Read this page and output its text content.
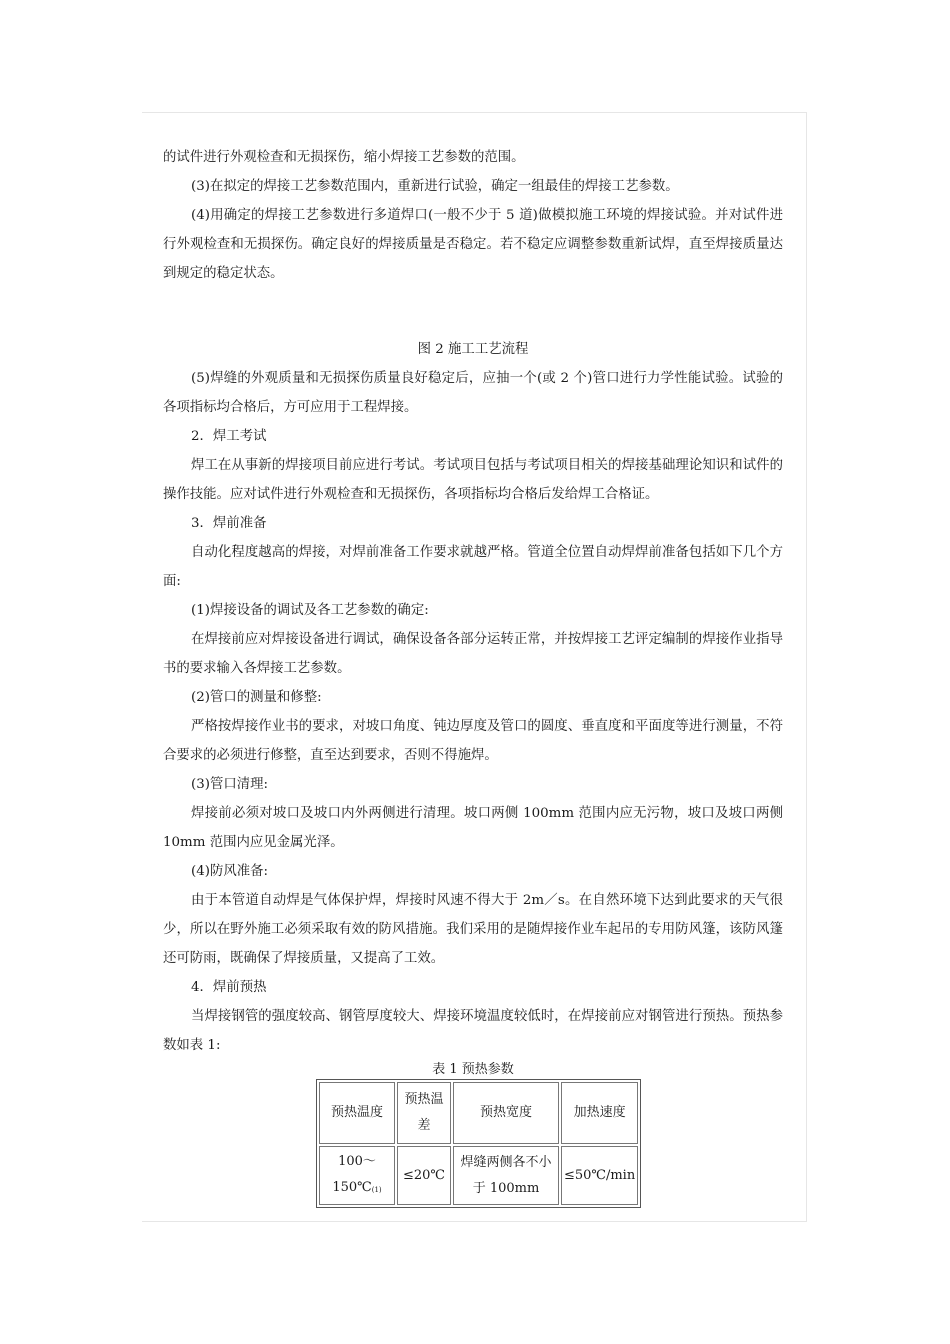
的试件进行外观检查和无损探伤，缩小焊接工艺参数的范围。

(3)在拟定的焊接工艺参数范围内，重新进行试验，确定一组最佳的焊接工艺参数。

(4)用确定的焊接工艺参数进行多道焊口(一般不少于 5 道)做模拟施工环境的焊接试验。并对试件进行外观检查和无损探伤。确定良好的焊接质量是否稳定。若不稳定应调整参数重新试焊，直至焊接质量达到规定的稳定状态。

图 2 施工工艺流程

(5)焊缝的外观质量和无损探伤质量良好稳定后，应抽一个(或 2 个)管口进行力学性能试验。试验的各项指标均合格后，方可应用于工程焊接。

2．焊工考试

焊工在从事新的焊接项目前应进行考试。考试项目包括与考试项目相关的焊接基础理论知识和试件的操作技能。应对试件进行外观检查和无损探伤，各项指标均合格后发给焊工合格证。

3．焊前准备

自动化程度越高的焊接，对焊前准备工作要求就越严格。管道全位置自动焊焊前准备包括如下几个方面:

(1)焊接设备的调试及各工艺参数的确定:

在焊接前应对焊接设备进行调试，确保设备各部分运转正常，并按焊接工艺评定编制的焊接作业指导书的要求输入各焊接工艺参数。

(2)管口的测量和修整:

严格按焊接作业书的要求，对坡口角度、钝边厚度及管口的圆度、垂直度和平面度等进行测量，不符合要求的必须进行修整，直至达到要求，否则不得施焊。

(3)管口清理:

焊接前必须对坡口及坡口内外两侧进行清理。坡口两侧 100mm 范围内应无污物，坡口及坡口两侧 10mm 范围内应见金属光泽。

(4)防风准备:

由于本管道自动焊是气体保护焊，焊接时风速不得大于 2m／s。在自然环境下达到此要求的天气很少，所以在野外施工必须采取有效的防风措施。我们采用的是随焊接作业车起吊的专用防风篷，该防风篷还可防雨，既确保了焊接质量，又提高了工效。

4．焊前预热

当焊接钢管的强度较高、钢管厚度较大、焊接环境温度较低时，在焊接前应对钢管进行预热。预热参数如表 1:

表 1 预热参数

预热温度	预热温差	预热宽度	加热速度
100～150℃$^{(1)}$	≤20℃	焊缝两侧各不小于 100mm	≤50℃/min
